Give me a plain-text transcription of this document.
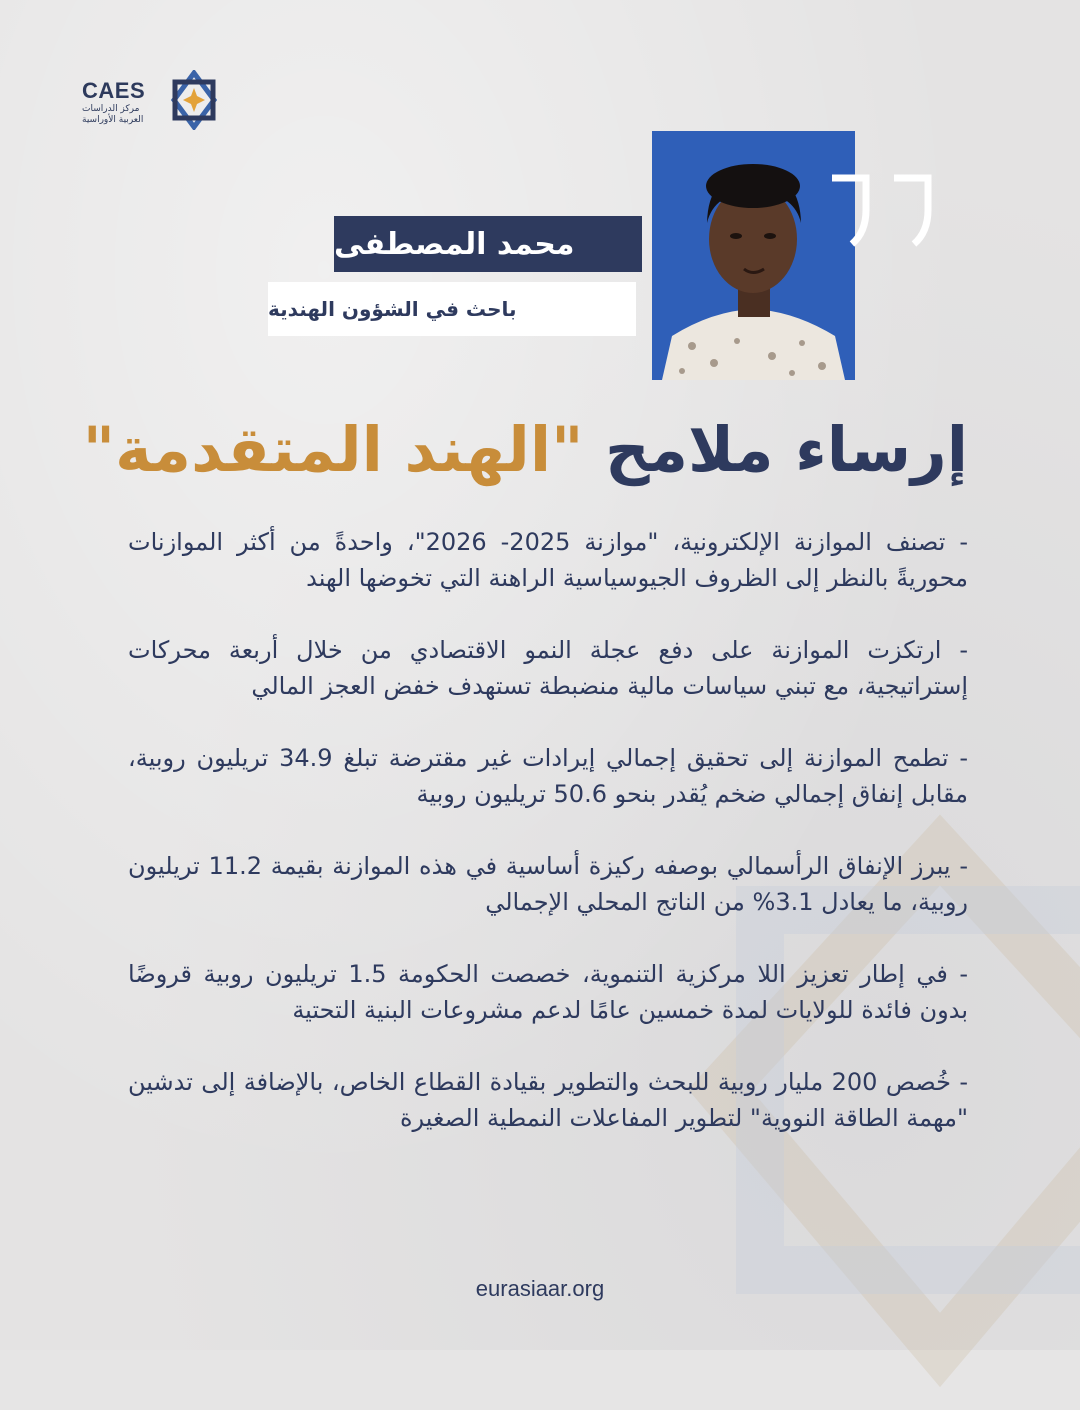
CAES
مركز الدراسات
العربية الأوراسية
محمد المصطفى
باحث في الشؤون الهندية
إرساء ملامح "الهند المتقدمة"

- تصنف الموازنة الإلكترونية، "موازنة 2025- 2026"، واحدةً من أكثر الموازنات محوريةً بالنظر إلى الظروف الجيوسياسية الراهنة التي تخوضها الهند

- ارتكزت الموازنة على دفع عجلة النمو الاقتصادي من خلال أربعة محركات إستراتيجية، مع تبني سياسات مالية منضبطة تستهدف خفض العجز المالي

- تطمح الموازنة إلى تحقيق إجمالي إيرادات غير مقترضة تبلغ 34.9 تريليون روبية، مقابل إنفاق إجمالي ضخم يُقدر بنحو 50.6 تريليون روبية

- يبرز الإنفاق الرأسمالي بوصفه ركيزة أساسية في هذه الموازنة بقيمة 11.2 تريليون روبية، ما يعادل 3.1% من الناتج المحلي الإجمالي

- في إطار تعزيز اللا مركزية التنموية، خصصت الحكومة 1.5 تريليون روبية قروضًا بدون فائدة للولايات لمدة خمسين عامًا لدعم مشروعات البنية التحتية

- خُصص 200 مليار روبية للبحث والتطوير بقيادة القطاع الخاص، بالإضافة إلى تدشين "مهمة الطاقة النووية" لتطوير المفاعلات النمطية الصغيرة

eurasiaar.org
